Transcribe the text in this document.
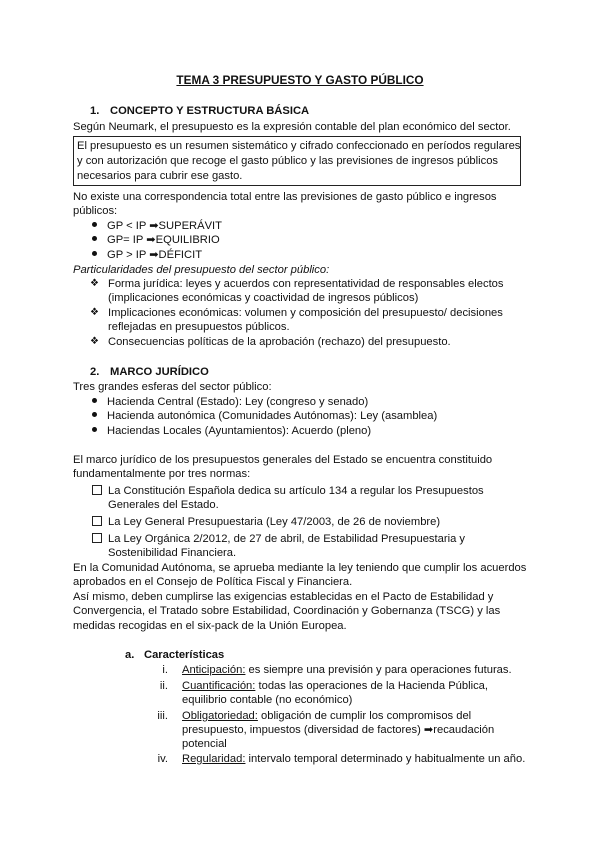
TEMA 3 PRESUPUESTO Y GASTO PÚBLICO
1. CONCEPTO Y ESTRUCTURA BÁSICA
Según Neumark, el presupuesto es la expresión contable del plan económico del sector.
El presupuesto es un resumen sistemático y cifrado confeccionado en períodos regulares
y con autorización que recoge el gasto público y las previsiones de ingresos públicos
necesarios para cubrir ese gasto.
No existe una correspondencia total entre las previsiones de gasto público e ingresos
públicos:
GP < IP ➡SUPERÁVIT
GP= IP ➡EQUILIBRIO
GP > IP ➡DÉFICIT
Particularidades del presupuesto del sector público:
❖ Forma jurídica: leyes y acuerdos con representatividad de responsables electos
(implicaciones económicas y coactividad de ingresos públicos)
❖ Implicaciones económicas: volumen y composición del presupuesto/ decisiones
reflejadas en presupuestos públicos.
❖ Consecuencias políticas de la aprobación (rechazo) del presupuesto.
2. MARCO JURÍDICO
Tres grandes esferas del sector público:
Hacienda Central (Estado): Ley (congreso y senado)
Hacienda autonómica (Comunidades Autónomas): Ley (asamblea)
Haciendas Locales (Ayuntamientos): Acuerdo (pleno)
El marco jurídico de los presupuestos generales del Estado se encuentra constituido
fundamentalmente por tres normas:
La Constitución Española dedica su artículo 134 a regular los Presupuestos
Generales del Estado.
La Ley General Presupuestaria (Ley 47/2003, de 26 de noviembre)
La Ley Orgánica 2/2012, de 27 de abril, de Estabilidad Presupuestaria y
Sostenibilidad Financiera.
En la Comunidad Autónoma, se aprueba mediante la ley teniendo que cumplir los acuerdos
aprobados en el Consejo de Política Fiscal y Financiera.
Así mismo, deben cumplirse las exigencias establecidas en el Pacto de Estabilidad y
Convergencia, el Tratado sobre Estabilidad, Coordinación y Gobernanza (TSCG) y las
medidas recogidas en el six-pack de la Unión Europea.
a. Características
i. Anticipación: es siempre una previsión y para operaciones futuras.
ii. Cuantificación: todas las operaciones de la Hacienda Pública,
equilibrio contable (no económico)
iii. Obligatoriedad: obligación de cumplir los compromisos del
presupuesto, impuestos (diversidad de factores) ➡recaudación
potencial
iv. Regularidad: intervalo temporal determinado y habitualmente un año.
